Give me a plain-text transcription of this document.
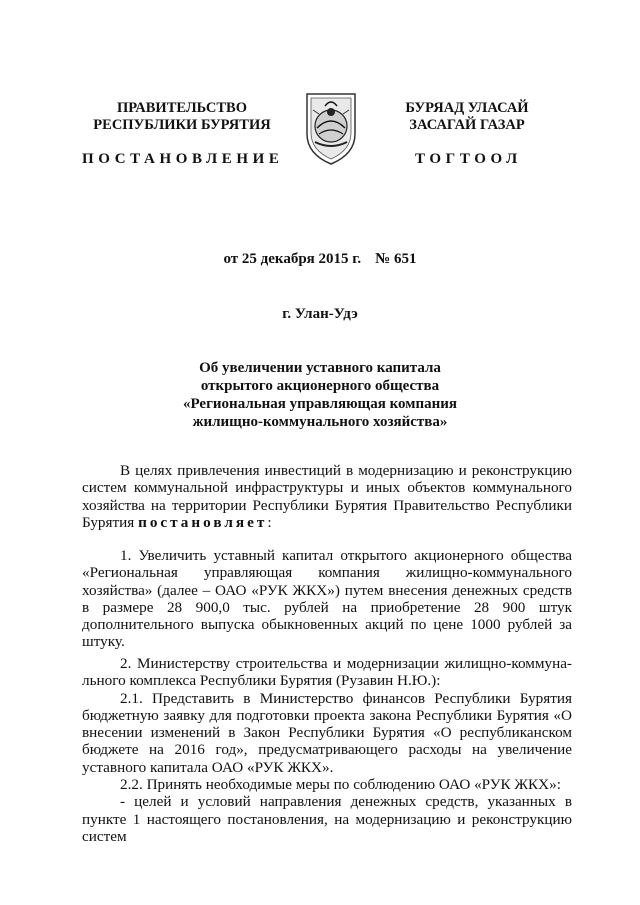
ПРАВИТЕЛЬСТВО
РЕСПУБЛИКИ БУРЯТИЯ
БУРЯАД УЛАСАЙ
ЗАСАГАЙ ГАЗАР
ПОСТАНОВЛЕНИЕ	ТОГТООЛ
от 25 декабря 2015 г. № 651
г. Улан-Удэ
Об увеличении уставного капитала
открытого акционерного общества
«Региональная управляющая компания
жилищно-коммунального хозяйства»

В целях привлечения инвестиций в модернизацию и реконструкцию систем коммунальной инфраструктуры и иных объектов коммунального хозяйства на территории Республики Бурятия Правительство Республики Бурятия постановляет:

1. Увеличить уставный капитал открытого акционерного общества «Региональная управляющая компания жилищно-коммунального хозяйства» (далее – ОАО «РУК ЖКХ») путем внесения денежных средств в размере 28 900,0 тыс. рублей на приобретение 28 900 штук дополнительного выпуска обыкновенных акций по цене 1000 рублей за штуку.

2. Министерству строительства и модернизации жилищно-коммуна-льного комплекса Республики Бурятия (Рузавин Н.Ю.):

2.1. Представить в Министерство финансов Республики Бурятия бюджетную заявку для подготовки проекта закона Республики Бурятия «О внесении изменений в Закон Республики Бурятия «О республиканском бюджете на 2016 год», предусматривающего расходы на увеличение уставного капитала ОАО «РУК ЖКХ».

2.2. Принять необходимые меры по соблюдению ОАО «РУК ЖКХ»:

- целей и условий направления денежных средств, указанных в пункте 1 настоящего постановления, на модернизацию и реконструкцию систем
